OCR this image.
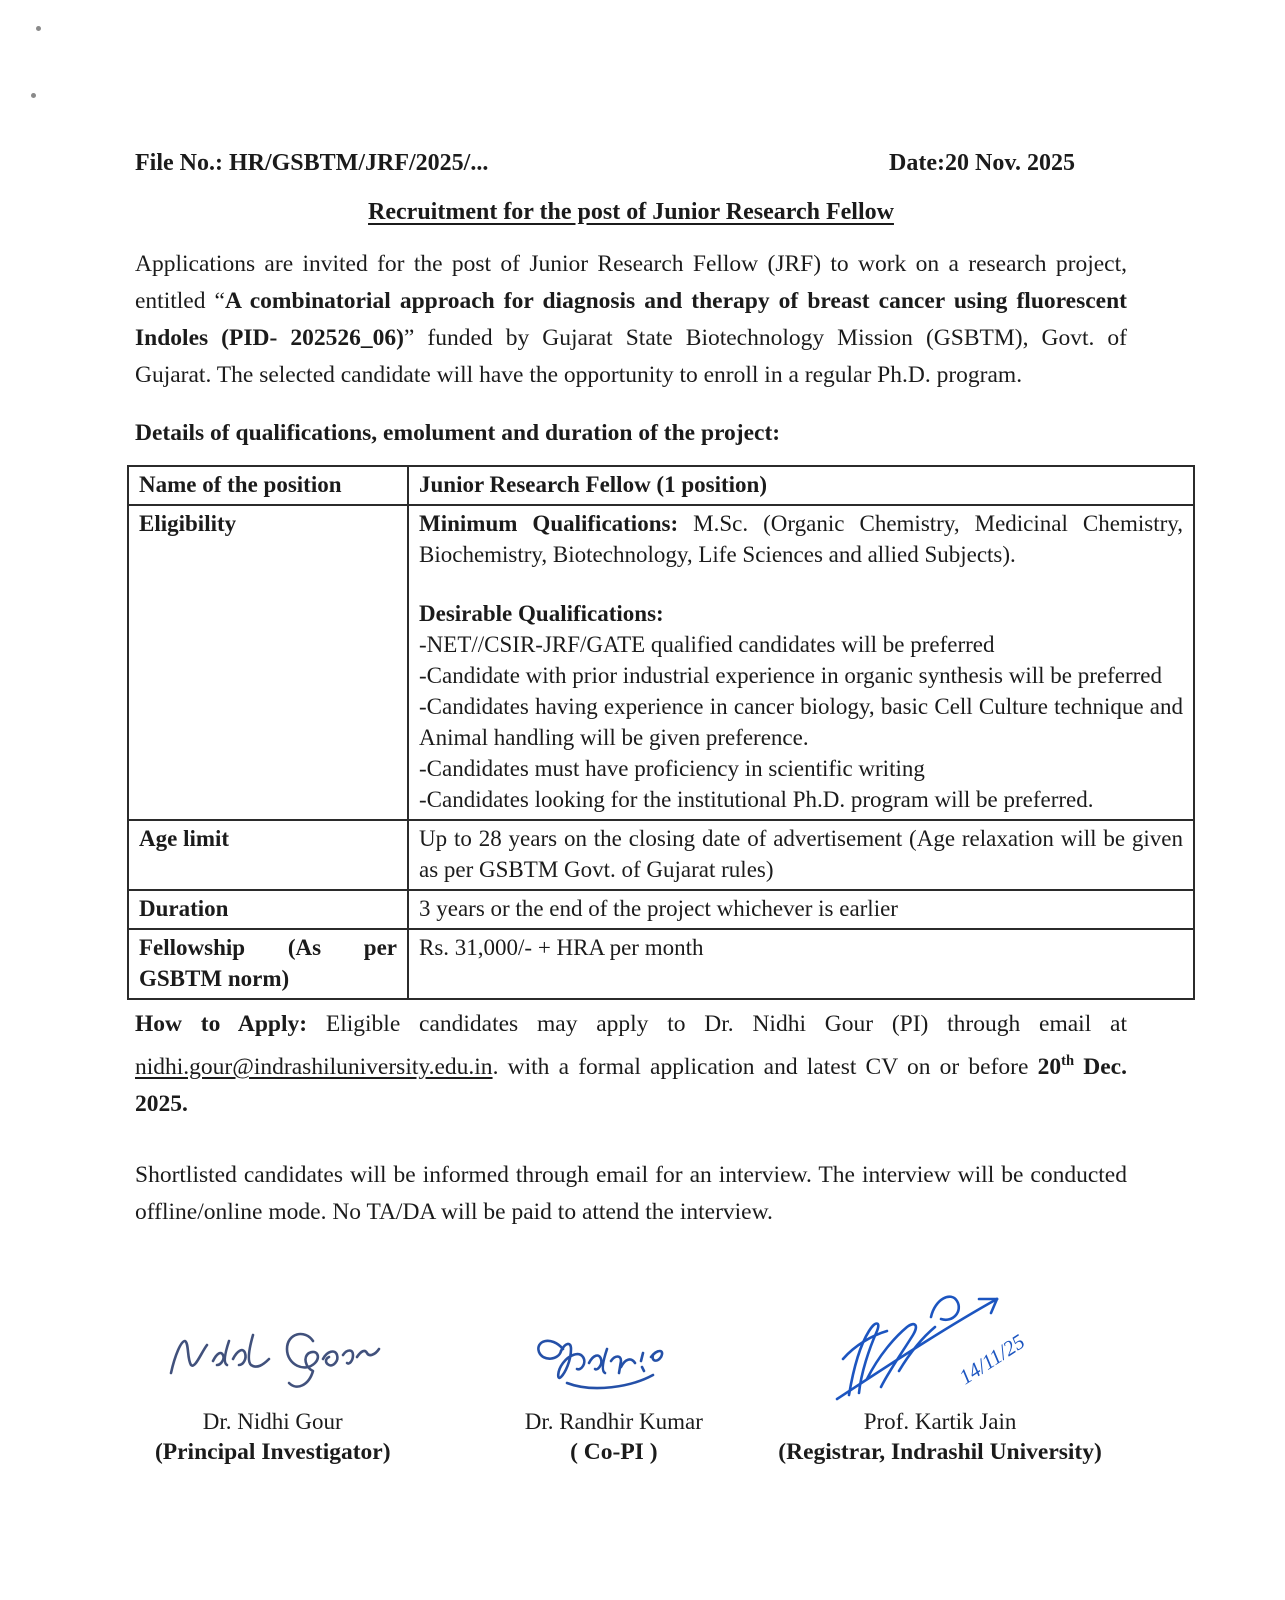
File No.: HR/GSBTM/JRF/2025/...	Date:20 Nov. 2025
Recruitment for the post of Junior Research Fellow

Applications are invited for the post of Junior Research Fellow (JRF) to work on a research project, entitled “A combinatorial approach for diagnosis and therapy of breast cancer using fluorescent Indoles (PID- 202526_06)” funded by Gujarat State Biotechnology Mission (GSBTM), Govt. of Gujarat. The selected candidate will have the opportunity to enroll in a regular Ph.D. program.

Details of qualifications, emolument and duration of the project:
Name of the position	Junior Research Fellow (1 position)
Eligibility	Minimum Qualifications: M.Sc. (Organic Chemistry, Medicinal Chemistry, Biochemistry, Biotechnology, Life Sciences and allied Subjects).
Desirable Qualifications:
-NET//CSIR-JRF/GATE qualified candidates will be preferred
-Candidate with prior industrial experience in organic synthesis will be preferred
-Candidates having experience in cancer biology, basic Cell Culture technique and Animal handling will be given preference.
-Candidates must have proficiency in scientific writing
-Candidates looking for the institutional Ph.D. program will be preferred.

Age limit	Up to 28 years on the closing date of advertisement (Age relaxation will be given as per GSBTM Govt. of Gujarat rules)
Duration	3 years or the end of the project whichever is earlier
Fellowship (As per GSBTM norm)	Rs. 31,000/- + HRA per month

How to Apply: Eligible candidates may apply to Dr. Nidhi Gour (PI) through email at nidhi.gour@indrashiluniversity.edu.in. with a formal application and latest CV on or before 20th Dec. 2025.

Shortlisted candidates will be informed through email for an interview. The interview will be conducted offline/online mode. No TA/DA will be paid to attend the interview.

Dr. Nidhi Gour
(Principal Investigator)
Dr. Randhir Kumar
( Co-PI )
14/11/25
Prof. Kartik Jain
(Registrar, Indrashil University)
